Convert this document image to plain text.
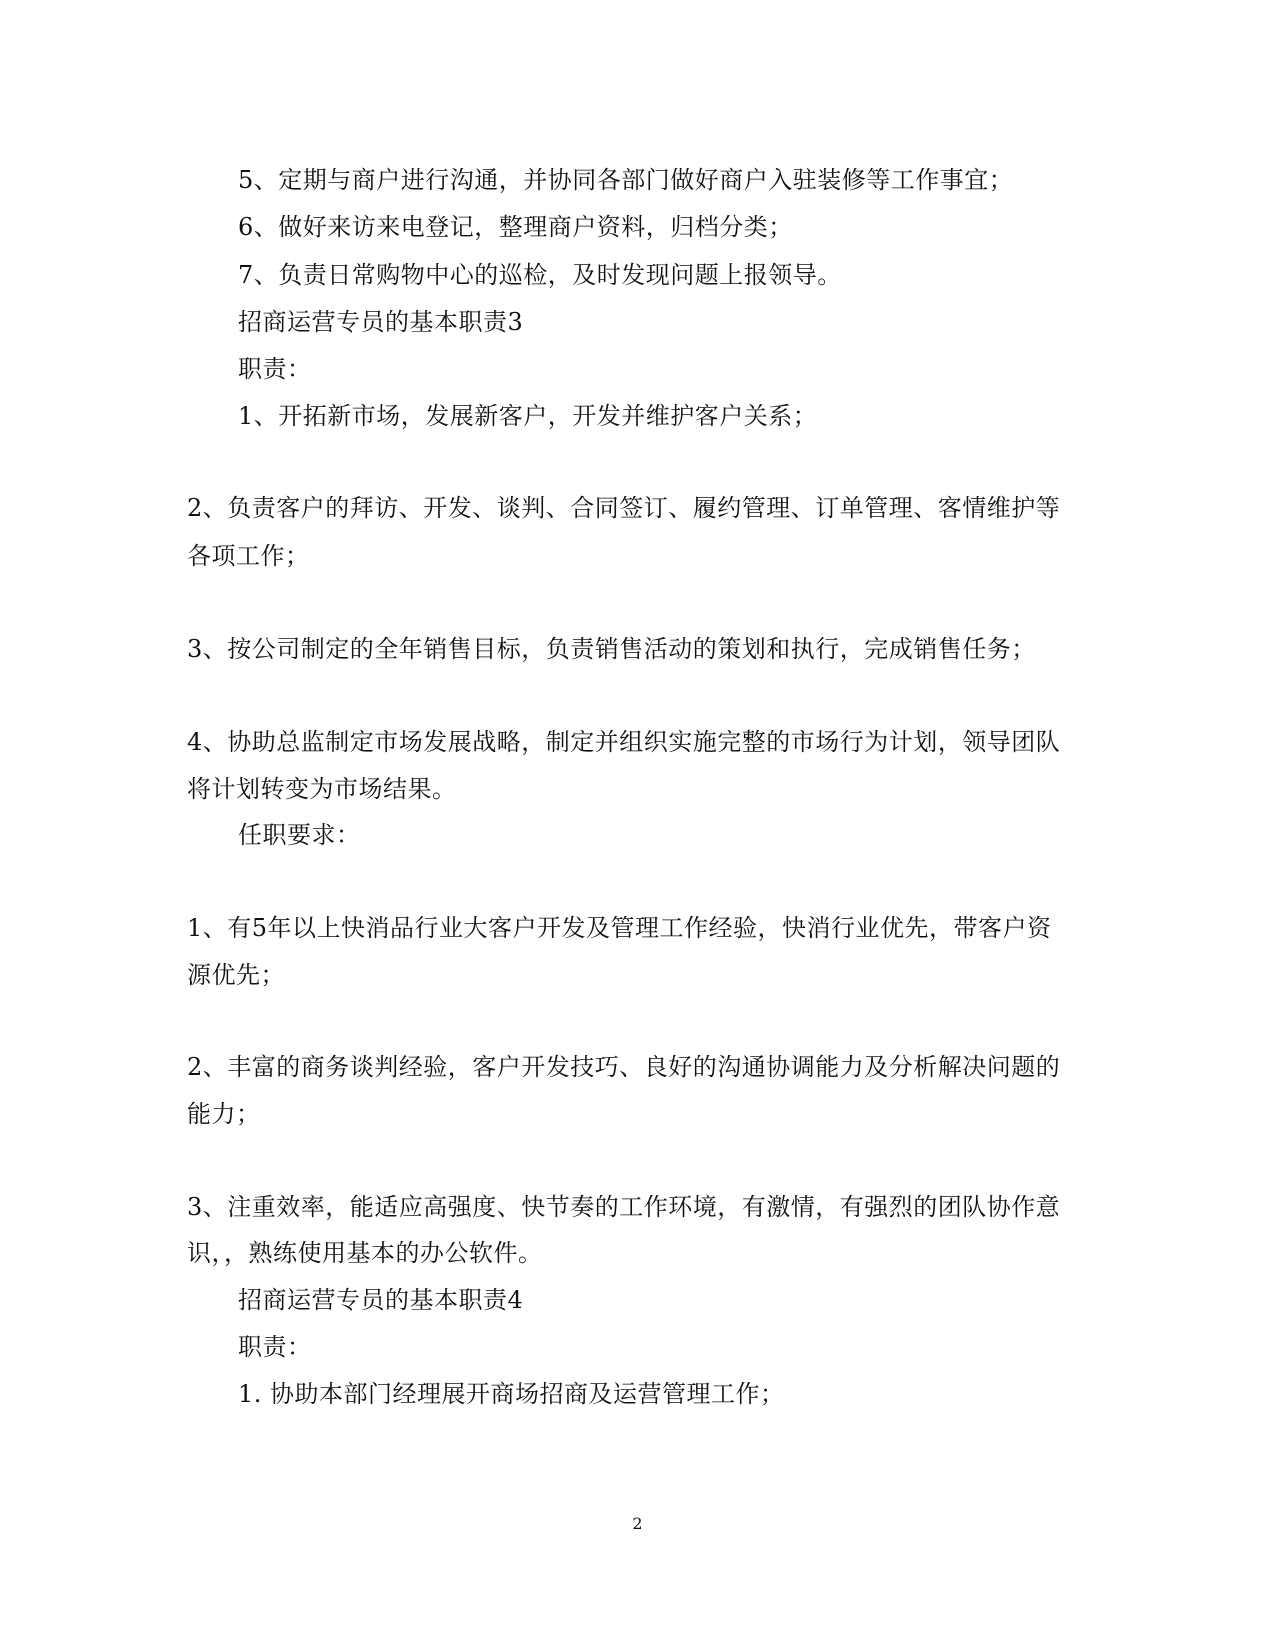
5、定期与商户进行沟通，并协同各部门做好商户入驻装修等工作事宜；
6、做好来访来电登记，整理商户资料，归档分类；
7、负责日常购物中心的巡检，及时发现问题上报领导。
招商运营专员的基本职责3
职责：
1、开拓新市场，发展新客户，开发并维护客户关系；
2、负责客户的拜访、开发、谈判、合同签订、履约管理、订单管理、客情维护等
各项工作；
3、按公司制定的全年销售目标，负责销售活动的策划和执行，完成销售任务；
4、协助总监制定市场发展战略，制定并组织实施完整的市场行为计划，领导团队
将计划转变为市场结果。
任职要求：
1、有5年以上快消品行业大客户开发及管理工作经验，快消行业优先，带客户资
源优先；
2、丰富的商务谈判经验，客户开发技巧、良好的沟通协调能力及分析解决问题的
能力；
3、注重效率，能适应高强度、快节奏的工作环境，有激情，有强烈的团队协作意
识，，熟练使用基本的办公软件。
招商运营专员的基本职责4
职责：
1. 协助本部门经理展开商场招商及运营管理工作；
2
